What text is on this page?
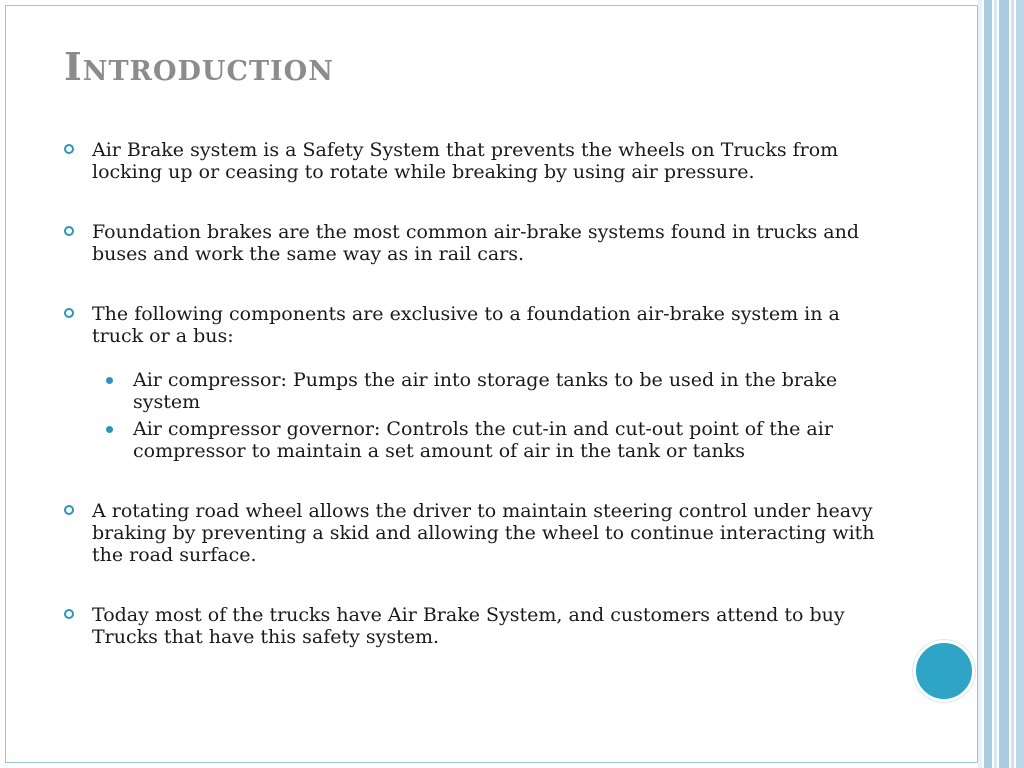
Introduction

Air Brake system is a Safety System that prevents the wheels on Trucks from locking up or ceasing to rotate while breaking by using air pressure.

Foundation brakes are the most common air-brake systems found in trucks and buses and work the same way as in rail cars.

The following components are exclusive to a foundation air-brake system in a truck or a bus:

Air compressor: Pumps the air into storage tanks to be used in the brake system

Air compressor governor: Controls the cut-in and cut-out point of the air compressor to maintain a set amount of air in the tank or tanks

A rotating road wheel allows the driver to maintain steering control under heavy braking by preventing a skid and allowing the wheel to continue interacting with the road surface.

Today most of the trucks have Air Brake System, and customers attend to buy Trucks that have this safety system.
